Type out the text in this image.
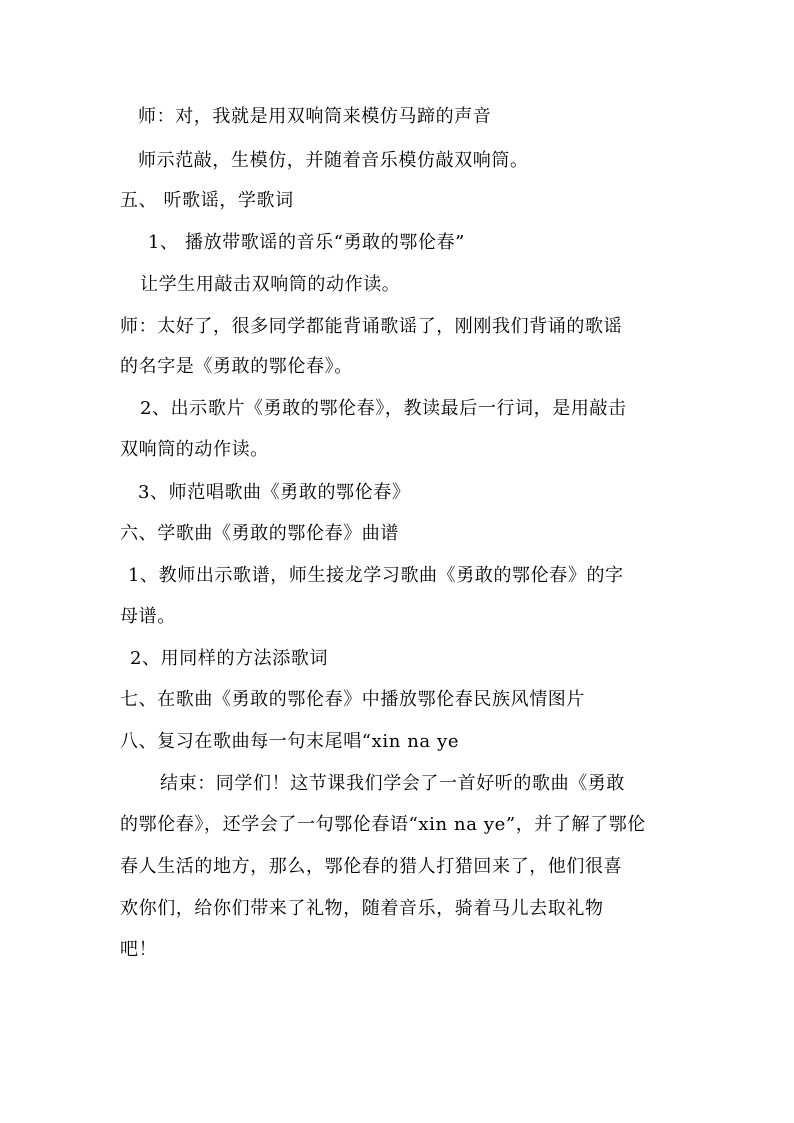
师：对，我就是用双响筒来模仿马蹄的声音
师示范敲，生模仿，并随着音乐模仿敲双响筒。
五、 听歌谣，学歌词
1、 播放带歌谣的音乐“勇敢的鄂伦春”
让学生用敲击双响筒的动作读。
师：太好了，很多同学都能背诵歌谣了，刚刚我们背诵的歌谣
的名字是《勇敢的鄂伦春》。
2、出示歌片《勇敢的鄂伦春》，教读最后一行词，是用敲击
双响筒的动作读。
3、师范唱歌曲《勇敢的鄂伦春》
六、学歌曲《勇敢的鄂伦春》曲谱
1、教师出示歌谱，师生接龙学习歌曲《勇敢的鄂伦春》的字
母谱。
2、用同样的方法添歌词
七、在歌曲《勇敢的鄂伦春》中播放鄂伦春民族风情图片
八、复习在歌曲每一句末尾唱“xin na ye
结束：同学们！这节课我们学会了一首好听的歌曲《勇敢
的鄂伦春》，还学会了一句鄂伦春语“xin na ye”，并了解了鄂伦
春人生活的地方，那么，鄂伦春的猎人打猎回来了，他们很喜
欢你们，给你们带来了礼物，随着音乐，骑着马儿去取礼物
吧！
